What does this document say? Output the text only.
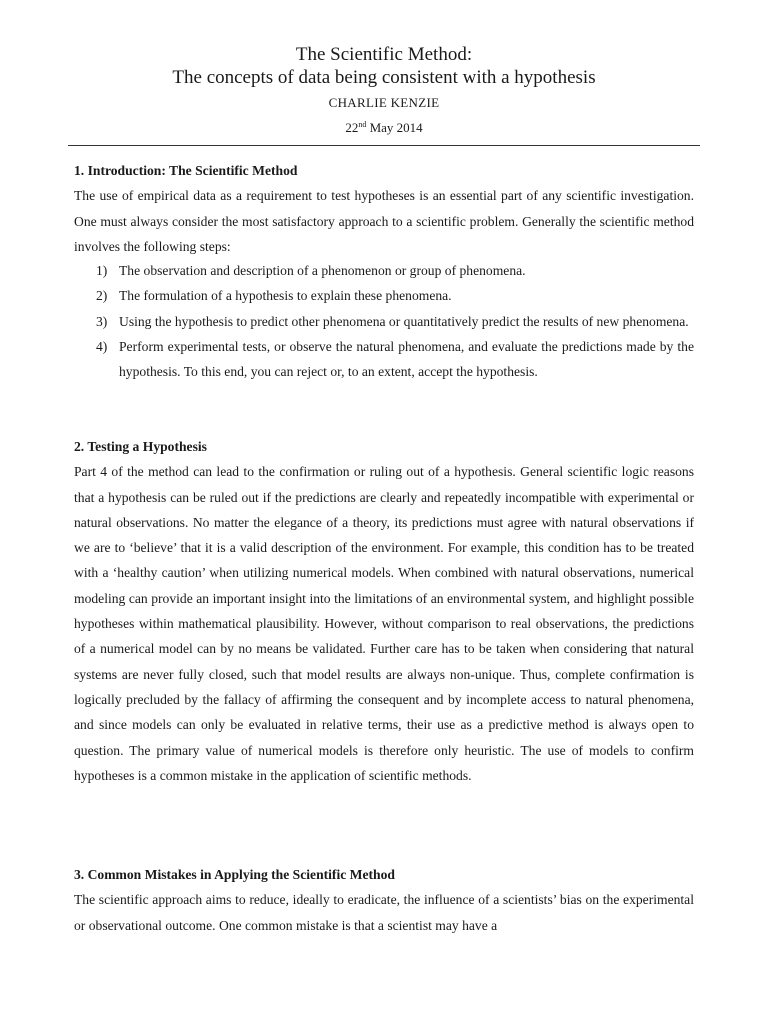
The Scientific Method:
The concepts of data being consistent with a hypothesis
CHARLIE KENZIE
22nd May 2014
1. Introduction: The Scientific Method

The use of empirical data as a requirement to test hypotheses is an essential part of any scientific investigation. One must always consider the most satisfactory approach to a scientific problem. Generally the scientific method involves the following steps:

1) The observation and description of a phenomenon or group of phenomena.
2) The formulation of a hypothesis to explain these phenomena.
3) Using the hypothesis to predict other phenomena or quantitatively predict the results of new phenomena.
4) Perform experimental tests, or observe the natural phenomena, and evaluate the predictions made by the hypothesis. To this end, you can reject or, to an extent, accept the hypothesis.
2. Testing a Hypothesis

Part 4 of the method can lead to the confirmation or ruling out of a hypothesis. General scientific logic reasons that a hypothesis can be ruled out if the predictions are clearly and repeatedly incompatible with experimental or natural observations. No matter the elegance of a theory, its predictions must agree with natural observations if we are to ‘believe’ that it is a valid description of the environment. For example, this condition has to be treated with a ‘healthy caution’ when utilizing numerical models. When combined with natural observations, numerical modeling can provide an important insight into the limitations of an environmental system, and highlight possible hypotheses within mathematical plausibility. However, without comparison to real observations, the predictions of a numerical model can by no means be validated. Further care has to be taken when considering that natural systems are never fully closed, such that model results are always non-unique. Thus, complete confirmation is logically precluded by the fallacy of affirming the consequent and by incomplete access to natural phenomena, and since models can only be evaluated in relative terms, their use as a predictive method is always open to question. The primary value of numerical models is therefore only heuristic. The use of models to confirm hypotheses is a common mistake in the application of scientific methods.

3. Common Mistakes in Applying the Scientific Method

The scientific approach aims to reduce, ideally to eradicate, the influence of a scientists’ bias on the experimental or observational outcome. One common mistake is that a scientist may have a
